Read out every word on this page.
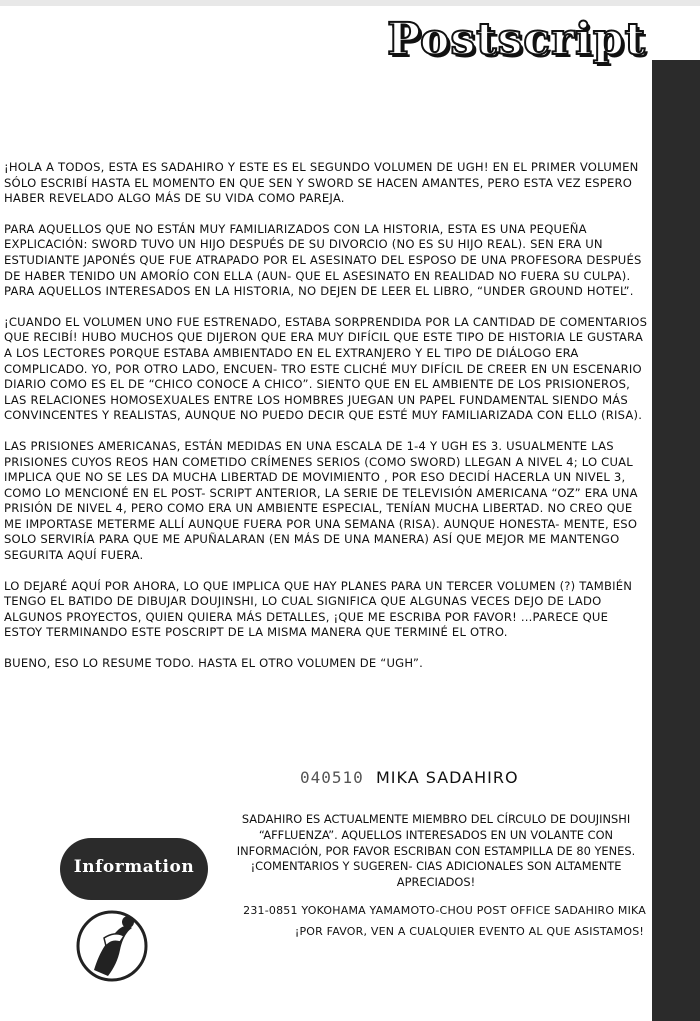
Postscript

¡HOLA A TODOS, ESTA ES SADAHIRO Y ESTE ES EL SEGUNDO VOLUMEN DE UGH! EN EL PRIMER VOLUMEN SÓLO ESCRIBÍ HASTA EL MOMENTO EN QUE SEN Y SWORD SE HACEN AMANTES, PERO ESTA VEZ ESPERO HABER REVELADO ALGO MÁS DE SU VIDA COMO PAREJA.

PARA AQUELLOS QUE NO ESTÁN MUY FAMILIARIZADOS CON LA HISTORIA, ESTA ES UNA PEQUEÑA EXPLICACIÓN: SWORD TUVO UN HIJO DESPUÉS DE SU DIVORCIO (NO ES SU HIJO REAL). SEN ERA UN ESTUDIANTE JAPONÉS QUE FUE ATRAPADO POR EL ASESINATO DEL ESPOSO DE UNA PROFESORA DESPUÉS DE HABER TENIDO UN AMORÍO CON ELLA (AUN- QUE EL ASESINATO EN REALIDAD NO FUERA SU CULPA). PARA AQUELLOS INTERESADOS EN LA HISTORIA, NO DEJEN DE LEER EL LIBRO, “UNDER GROUND HOTEL”.

¡CUANDO EL VOLUMEN UNO FUE ESTRENADO, ESTABA SORPRENDIDA POR LA CANTIDAD DE COMENTARIOS QUE RECIBÍ! HUBO MUCHOS QUE DIJERON QUE ERA MUY DIFÍCIL QUE ESTE TIPO DE HISTORIA LE GUSTARA A LOS LECTORES PORQUE ESTABA AMBIENTADO EN EL EXTRANJERO Y EL TIPO DE DIÁLOGO ERA COMPLICADO. YO, POR OTRO LADO, ENCUEN- TRO ESTE CLICHÉ MUY DIFÍCIL DE CREER EN UN ESCENARIO DIARIO COMO ES EL DE “CHICO CONOCE A CHICO”. SIENTO QUE EN EL AMBIENTE DE LOS PRISIONEROS, LAS RELACIONES HOMOSEXUALES ENTRE LOS HOMBRES JUEGAN UN PAPEL FUNDAMENTAL SIENDO MÁS CONVINCENTES Y REALISTAS, AUNQUE NO PUEDO DECIR QUE ESTÉ MUY FAMILIARIZADA CON ELLO (RISA).

LAS PRISIONES AMERICANAS, ESTÁN MEDIDAS EN UNA ESCALA DE 1-4 Y UGH ES 3. USUALMENTE LAS PRISIONES CUYOS REOS HAN COMETIDO CRÍMENES SERIOS (COMO SWORD) LLEGAN A NIVEL 4; LO CUAL IMPLICA QUE NO SE LES DA MUCHA LIBERTAD DE MOVIMIENTO , POR ESO DECIDÍ HACERLA UN NIVEL 3, COMO LO MENCIONÉ EN EL POST- SCRIPT ANTERIOR, LA SERIE DE TELEVISIÓN AMERICANA “OZ” ERA UNA PRISIÓN DE NIVEL 4, PERO COMO ERA UN AMBIENTE ESPECIAL, TENÍAN MUCHA LIBERTAD. NO CREO QUE ME IMPORTASE METERME ALLÍ AUNQUE FUERA POR UNA SEMANA (RISA). AUNQUE HONESTA- MENTE, ESO SOLO SERVIRÍA PARA QUE ME APUÑALARAN (EN MÁS DE UNA MANERA) ASÍ QUE MEJOR ME MANTENGO SEGURITA AQUÍ FUERA.

LO DEJARÉ AQUÍ POR AHORA, LO QUE IMPLICA QUE HAY PLANES PARA UN TERCER VOLUMEN (?) TAMBIÉN TENGO EL BATIDO DE DIBUJAR DOUJINSHI, LO CUAL SIGNIFICA QUE ALGUNAS VECES DEJO DE LADO ALGUNOS PROYECTOS, QUIEN QUIERA MÁS DETALLES, ¡QUE ME ESCRIBA POR FAVOR! ...PARECE QUE ESTOY TERMINANDO ESTE POSCRIPT DE LA MISMA MANERA QUE TERMINÉ EL OTRO.

BUENO, ESO LO RESUME TODO. HASTA EL OTRO VOLUMEN DE “UGH”.

040510 MIKA SADAHIRO
SADAHIRO ES ACTUALMENTE MIEMBRO DEL CÍRCULO DE DOUJINSHI “AFFLUENZA”. AQUELLOS INTERESADOS EN UN VOLANTE CON INFORMACIÓN, POR FAVOR ESCRIBAN CON ESTAMPILLA DE 80 YENES. ¡COMENTARIOS Y SUGEREN- CIAS ADICIONALES SON ALTAMENTE APRECIADOS!
Information
231-0851 YOKOHAMA YAMAMOTO-CHOU POST OFFICE SADAHIRO MIKA
¡POR FAVOR, VEN A CUALQUIER EVENTO AL QUE ASISTAMOS!
